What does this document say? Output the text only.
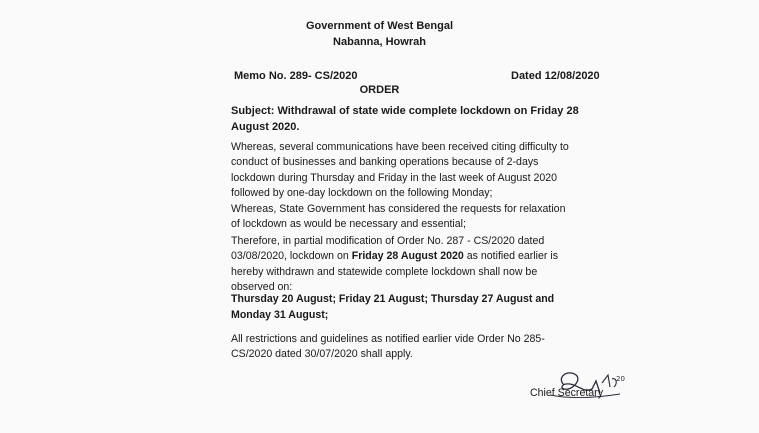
Government of West Bengal
Nabanna, Howrah
Memo No. 289- CS/2020	Dated 12/08/2020
ORDER
Subject: Withdrawal of state wide complete lockdown on Friday 28
August 2020.
Whereas, several communications have been received citing difficulty to
conduct of businesses and banking operations because of 2-days
lockdown during Thursday and Friday in the last week of August 2020
followed by one-day lockdown on the following Monday;
Whereas, State Government has considered the requests for relaxation
of lockdown as would be necessary and essential;
Therefore, in partial modification of Order No. 287 - CS/2020 dated
03/08/2020, lockdown on Friday 28 August 2020 as notified earlier is
hereby withdrawn and statewide complete lockdown shall now be
observed on:
Thursday 20 August; Friday 21 August; Thursday 27 August and
Monday 31 August;
All restrictions and guidelines as notified earlier vide Order No 285-
CS/2020 dated 30/07/2020 shall apply.
20
Chief Secretary
